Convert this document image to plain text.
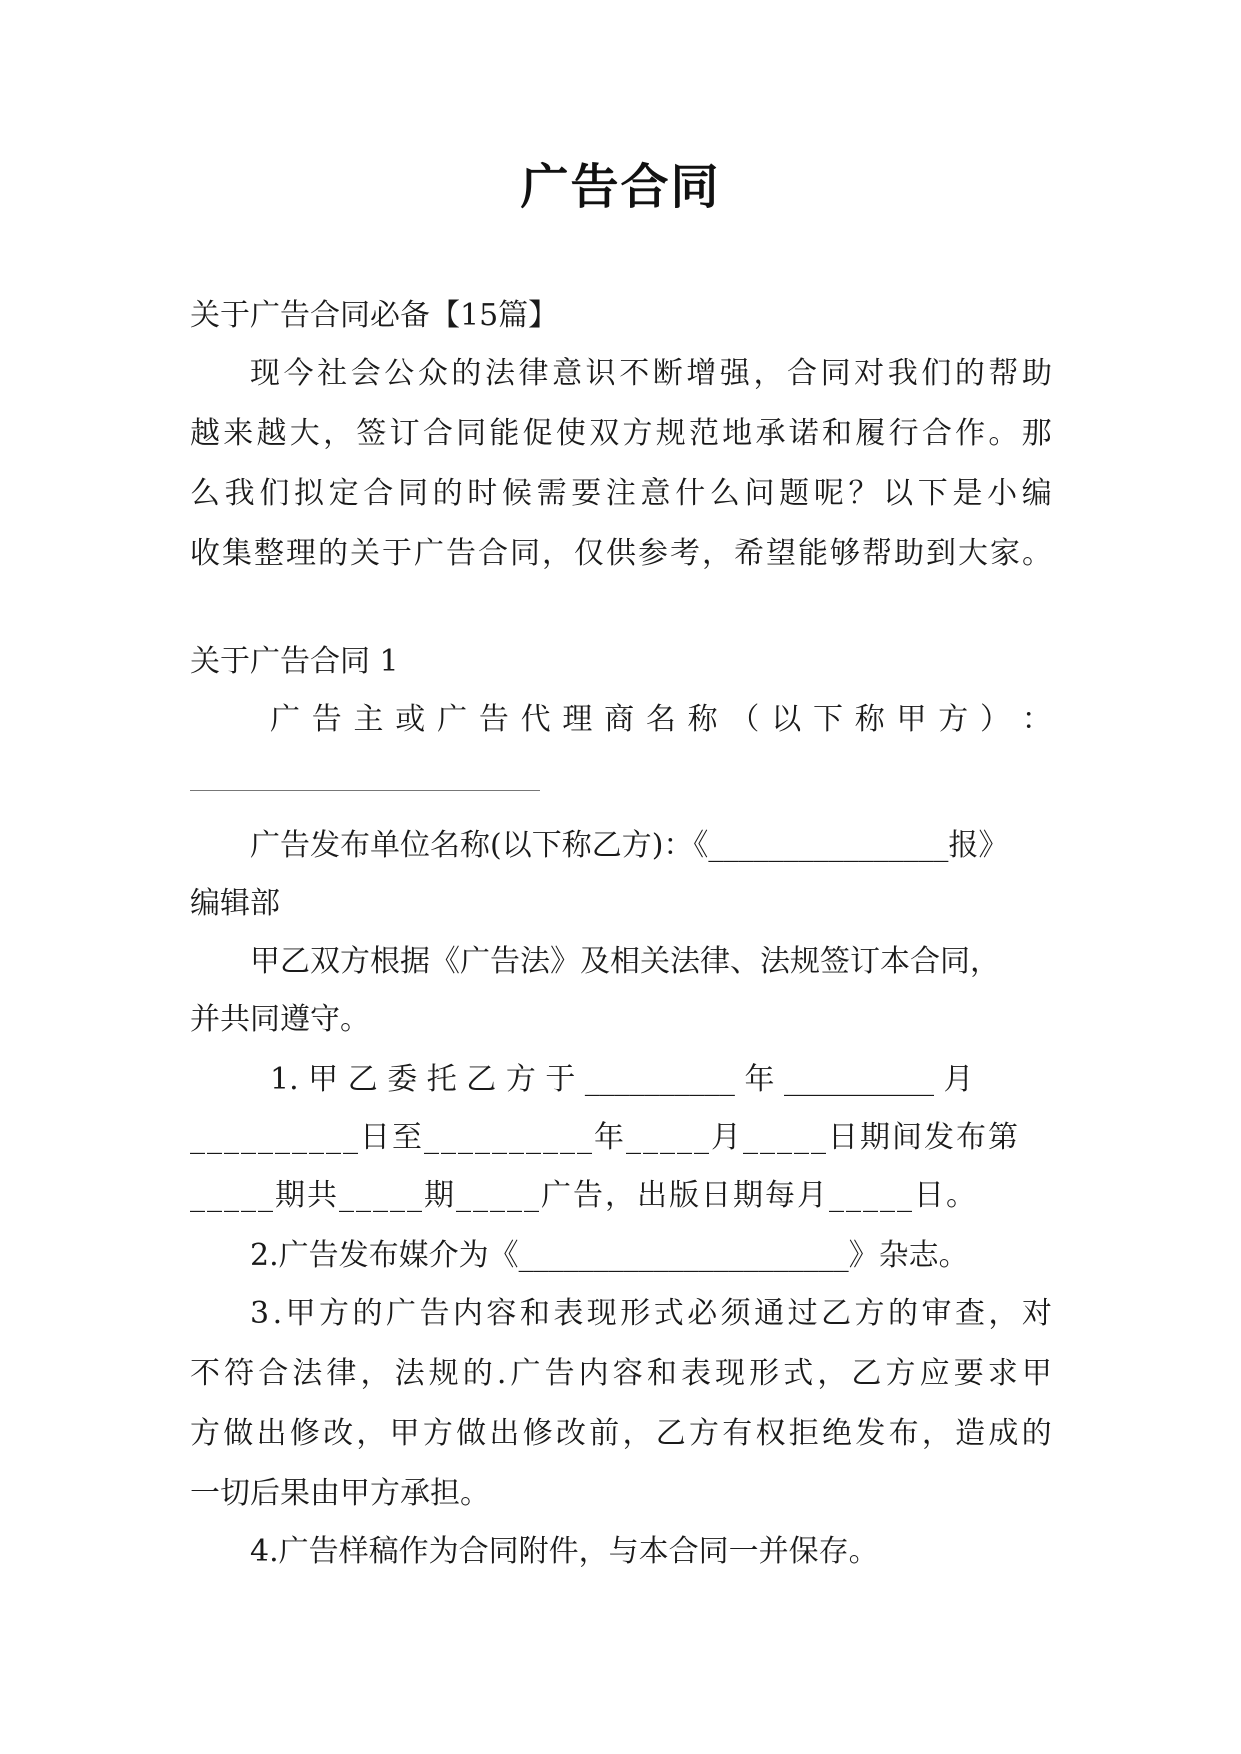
广告合同
关于广告合同必备【15篇】
现 今 社 会 公 众 的 法 律 意 识 不 断 增 强 ， 合 同 对 我 们 的 帮 助
越 来 越 大 ， 签 订 合 同 能 促 使 双 方 规 范 地 承 诺 和 履 行 合 作 。 那
么 我 们 拟 定 合 同 的 时 候 需 要 注 意 什 么 问 题 呢 ？ 以 下 是 小 编
收 集 整 理 的 关 于 广 告 合 同 ， 仅 供 参 考 ， 希 望 能 够 帮 助 到 大 家 。
关于广告合同 1
广 告 主 或 广 告 代 理 商 名 称 （ 以 下 称 甲 方 ） ：
广告发布单位名称(以下称乙方)：《________________报》
编辑部
甲乙双方根据《广告法》及相关法律、法规签订本合同，
并共同遵守。
1. 甲 乙 委 托 乙 方 于 __________ 年 __________ 月
__________日至__________年_____月_____日期间发布第
_____期共_____期_____广告，出版日期每月_____日。
2.广告发布媒介为《______________________》杂志。
3 . 甲 方 的 广 告 内 容 和 表 现 形 式 必 须 通 过 乙 方 的 审 查 ， 对
不 符 合 法 律 ， 法 规 的 . 广 告 内 容 和 表 现 形 式 ， 乙 方 应 要 求 甲
方 做 出 修 改 ， 甲 方 做 出 修 改 前 ， 乙 方 有 权 拒 绝 发 布 ， 造 成 的
一切后果由甲方承担。
4.广告样稿作为合同附件，与本合同一并保存。
